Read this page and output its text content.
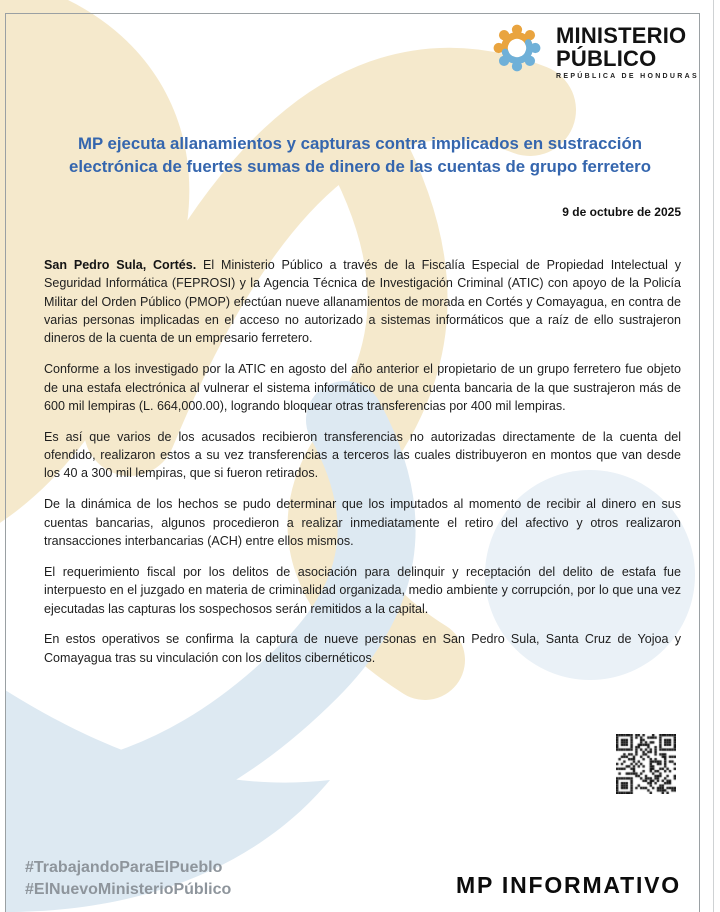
MINISTERIO
PÚBLICO
REPÚBLICA DE HONDURAS
MP ejecuta allanamientos y capturas contra implicados en sustracción
electrónica de fuertes sumas de dinero de las cuentas de grupo ferretero
9 de octubre de 2025

San Pedro Sula, Cortés. El Ministerio Público a través de la Fiscalía Especial de Propiedad Intelectual y Seguridad Informática (FEPROSI) y la Agencia Técnica de Investigación Criminal (ATIC) con apoyo de la Policía Militar del Orden Público (PMOP) efectúan nueve allanamientos de morada en Cortés y Comayagua, en contra de varias personas implicadas en el acceso no autorizado a sistemas informáticos que a raíz de ello sustrajeron dineros de la cuenta de un empresario ferretero.

Conforme a los investigado por la ATIC en agosto del año anterior el propietario de un grupo ferretero fue objeto de una estafa electrónica al vulnerar el sistema informático de una cuenta bancaria de la que sustrajeron más de 600 mil lempiras (L. 664,000.00), logrando bloquear otras transferencias por 400 mil lempiras.

Es así que varios de los acusados recibieron transferencias no autorizadas directamente de la cuenta del ofendido, realizaron estos a su vez transferencias a terceros las cuales distribuyeron en montos que van desde los 40 a 300 mil lempiras, que si fueron retirados.

De la dinámica de los hechos se pudo determinar que los imputados al momento de recibir al dinero en sus cuentas bancarias, algunos procedieron a realizar inmediatamente el retiro del afectivo y otros realizaron transacciones interbancarias (ACH) entre ellos mismos.

El requerimiento fiscal por los delitos de asociación para delinquir y receptación del delito de estafa fue interpuesto en el juzgado en materia de criminalidad organizada, medio ambiente y corrupción, por lo que una vez ejecutadas las capturas los sospechosos serán remitidos a la capital.

En estos operativos se confirma la captura de nueve personas en San Pedro Sula, Santa Cruz de Yojoa y Comayagua tras su vinculación con los delitos cibernéticos.

#TrabajandoParaElPueblo
#ElNuevoMinisterioPúblico	MP INFORMATIVO
